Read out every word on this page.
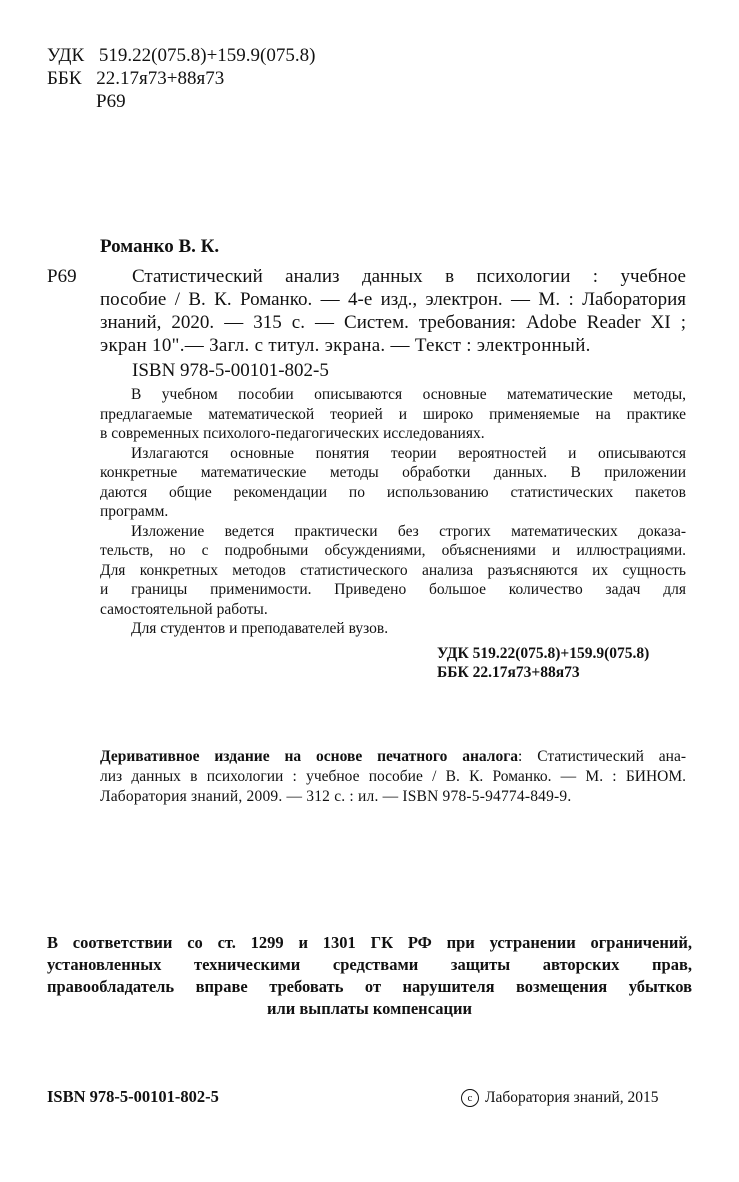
УДК 519.22(075.8)+159.9(075.8)
ББК 22.17я73+88я73
Р69
Романко В. К.
Р69	Статистический анализ данных в психологии : учебное
пособие / В. К. Романко. — 4-е изд., электрон. — М. : Лаборатория
знаний, 2020. — 315 с. — Систем. требования: Adobe Reader XI ;
экран 10".— Загл. с титул. экрана. — Текст : электронный.
ISBN 978-5-00101-802-5
В учебном пособии описываются основные математические методы,
предлагаемые математической теорией и широко применяемые на практике
в современных психолого-педагогических исследованиях.
Излагаются основные понятия теории вероятностей и описываются
конкретные математические методы обработки данных. В приложении
даются общие рекомендации по использованию статистических пакетов
программ.
Изложение ведется практически без строгих математических доказа-
тельств, но с подробными обсуждениями, объяснениями и иллюстрациями.
Для конкретных методов статистического анализа разъясняются их сущность
и границы применимости. Приведено большое количество задач для
самостоятельной работы.
Для студентов и преподавателей вузов.
УДК 519.22(075.8)+159.9(075.8)
ББК 22.17я73+88я73
Деривативное издание на основе печатного аналога: Статистический ана-
лиз данных в психологии : учебное пособие / В. К. Романко. — М. : БИНОМ.
Лаборатория знаний, 2009. — 312 с. : ил. — ISBN 978-5-94774-849-9.
В соответствии со ст. 1299 и 1301 ГК РФ при устранении ограничений,
установленных техническими средствами защиты авторских прав,
правообладатель вправе требовать от нарушителя возмещения убытков
или выплаты компенсации
ISBN 978-5-00101-802-5	c Лаборатория знаний, 2015
